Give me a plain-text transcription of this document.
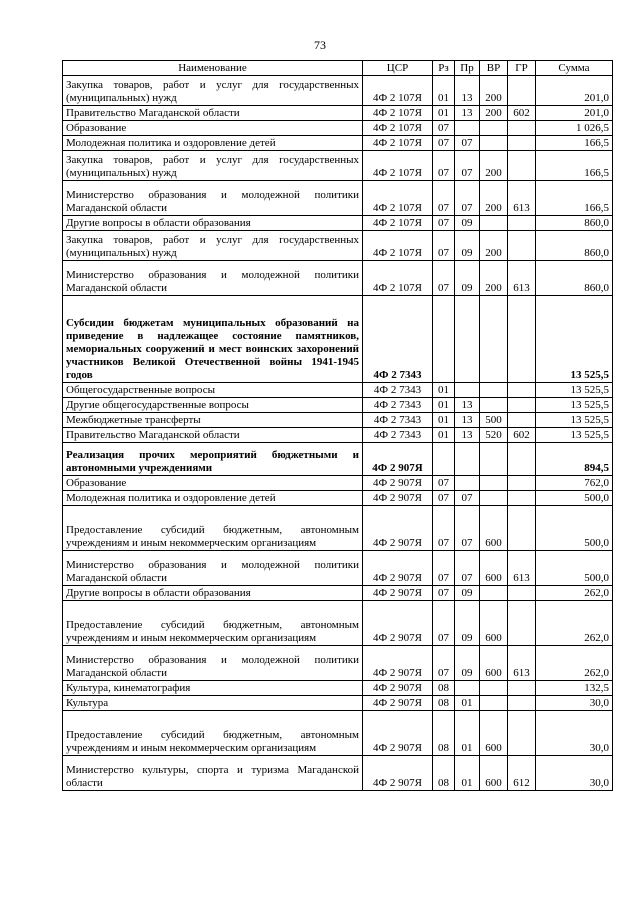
73
Наименование	ЦСР	Рз	Пр	ВР	ГР	Сумма
Закупка товаров, работ и услуг для государственных (муниципальных) нужд	4Ф 2 107Я	01	13	200		201,0
Правительство Магаданской области	4Ф 2 107Я	01	13	200	602	201,0
Образование	4Ф 2 107Я	07				1 026,5
Молодежная политика и оздоровление детей	4Ф 2 107Я	07	07			166,5
Закупка товаров, работ и услуг для государственных (муниципальных) нужд	4Ф 2 107Я	07	07	200		166,5
Министерство образования и молодежной политики Магаданской области	4Ф 2 107Я	07	07	200	613	166,5
Другие вопросы в области образования	4Ф 2 107Я	07	09			860,0
Закупка товаров, работ и услуг для государственных (муниципальных) нужд	4Ф 2 107Я	07	09	200		860,0
Министерство образования и молодежной политики Магаданской области	4Ф 2 107Я	07	09	200	613	860,0
Субсидии бюджетам муниципальных образований на приведение в надлежащее состояние памятников, мемориальных сооружений и мест воинских захоронений участников Великой Отечественной войны 1941-1945 годов	4Ф 2 7343					13 525,5
Общегосударственные вопросы	4Ф 2 7343	01				13 525,5
Другие общегосударственные вопросы	4Ф 2 7343	01	13			13 525,5
Межбюджетные трансферты	4Ф 2 7343	01	13	500		13 525,5
Правительство Магаданской области	4Ф 2 7343	01	13	520	602	13 525,5
Реализация прочих мероприятий бюджетными и автономными учреждениями	4Ф 2 907Я					894,5
Образование	4Ф 2 907Я	07				762,0
Молодежная политика и оздоровление детей	4Ф 2 907Я	07	07			500,0
Предоставление субсидий бюджетным, автономным учреждениям и иным некоммерческим организациям	4Ф 2 907Я	07	07	600		500,0
Министерство образования и молодежной политики Магаданской области	4Ф 2 907Я	07	07	600	613	500,0
Другие вопросы в области образования	4Ф 2 907Я	07	09			262,0
Предоставление субсидий бюджетным, автономным учреждениям и иным некоммерческим организациям	4Ф 2 907Я	07	09	600		262,0
Министерство образования и молодежной политики Магаданской области	4Ф 2 907Я	07	09	600	613	262,0
Культура, кинематография	4Ф 2 907Я	08				132,5
Культура	4Ф 2 907Я	08	01			30,0
Предоставление субсидий бюджетным, автономным учреждениям и иным некоммерческим организациям	4Ф 2 907Я	08	01	600		30,0
Министерство культуры, спорта и туризма Магаданской области	4Ф 2 907Я	08	01	600	612	30,0
